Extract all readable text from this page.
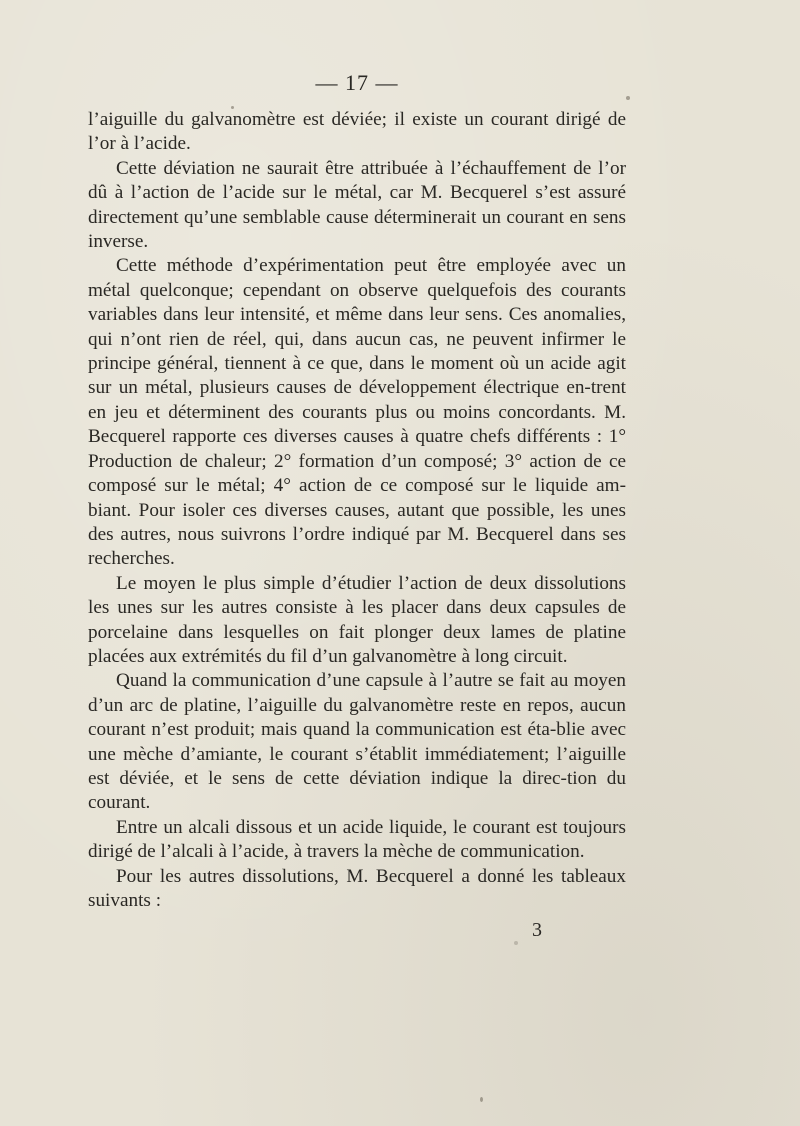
— 17 —

l’aiguille du galvanomètre est déviée; il existe un courant dirigé de l’or à l’acide.

Cette déviation ne saurait être attribuée à l’échauffement de l’or dû à l’action de l’acide sur le métal, car M. Becquerel s’est assuré directement qu’une semblable cause déterminerait un courant en sens inverse.

Cette méthode d’expérimentation peut être employée avec un métal quelconque; cependant on observe quelquefois des courants variables dans leur intensité, et même dans leur sens. Ces anomalies, qui n’ont rien de réel, qui, dans aucun cas, ne peuvent infirmer le principe général, tiennent à ce que, dans le moment où un acide agit sur un métal, plusieurs causes de développement électrique en-trent en jeu et déterminent des courants plus ou moins concordants. M. Becquerel rapporte ces diverses causes à quatre chefs différents : 1° Production de chaleur; 2° formation d’un composé; 3° action de ce composé sur le métal; 4° action de ce composé sur le liquide am-biant. Pour isoler ces diverses causes, autant que possible, les unes des autres, nous suivrons l’ordre indiqué par M. Becquerel dans ses recherches.

Le moyen le plus simple d’étudier l’action de deux dissolutions les unes sur les autres consiste à les placer dans deux capsules de porcelaine dans lesquelles on fait plonger deux lames de platine placées aux extrémités du fil d’un galvanomètre à long circuit.

Quand la communication d’une capsule à l’autre se fait au moyen d’un arc de platine, l’aiguille du galvanomètre reste en repos, aucun courant n’est produit; mais quand la communication est éta-blie avec une mèche d’amiante, le courant s’établit immédiatement; l’aiguille est déviée, et le sens de cette déviation indique la direc-tion du courant.

Entre un alcali dissous et un acide liquide, le courant est toujours dirigé de l’alcali à l’acide, à travers la mèche de communication.

Pour les autres dissolutions, M. Becquerel a donné les tableaux suivants :

3
